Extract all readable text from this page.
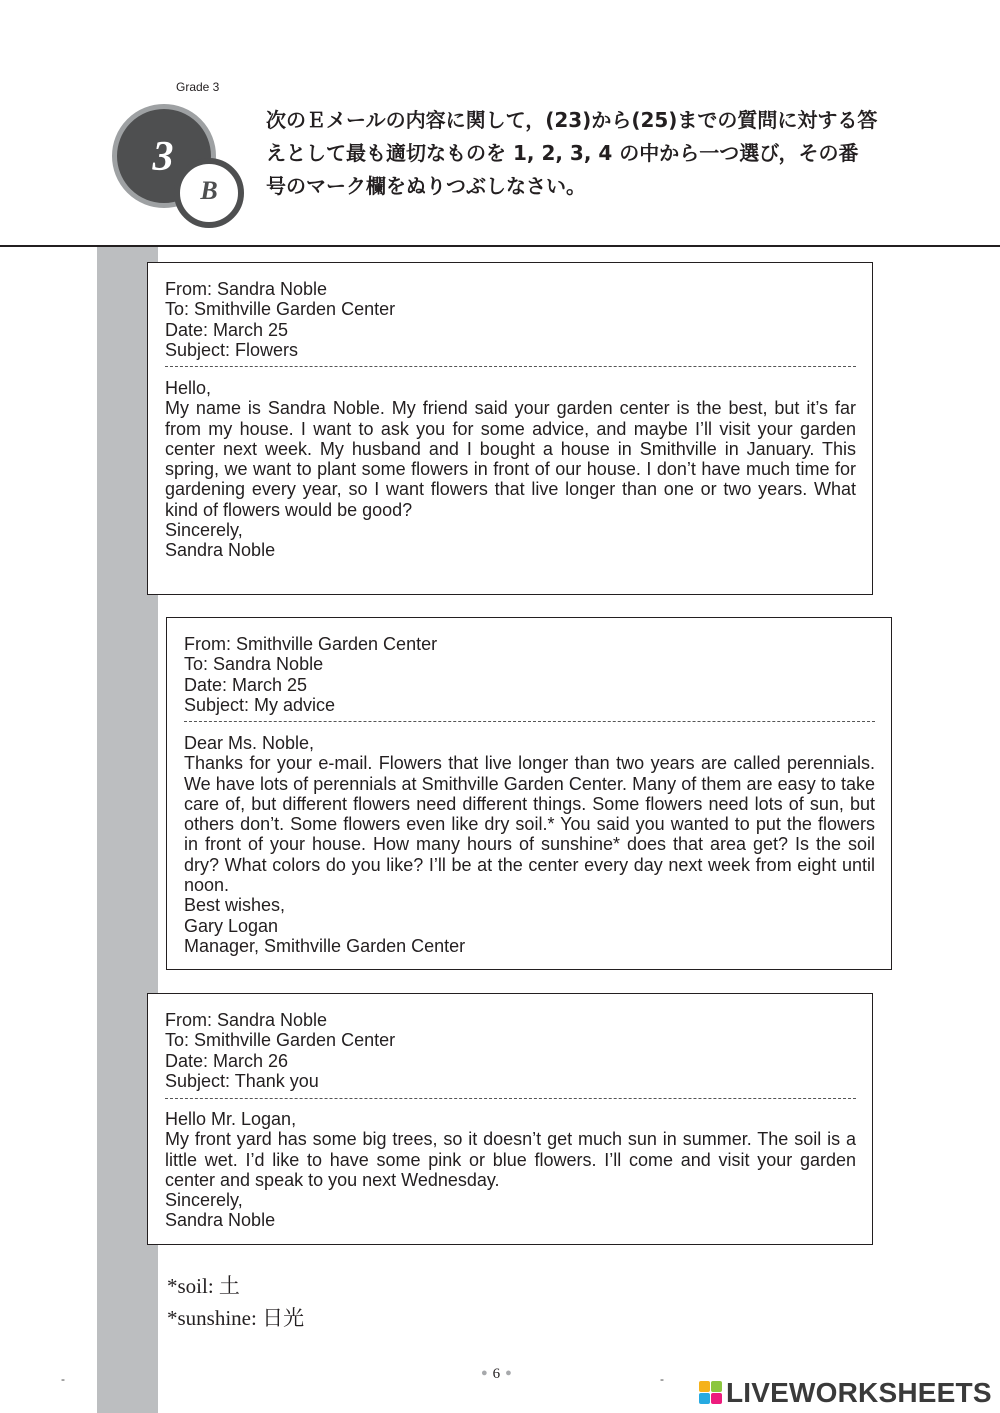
Grade 3
3
B
次のＥメールの内容に関して，(23)から(25)までの質問に対する答
えとして最も適切なものを 1, 2, 3, 4 の中から一つ選び，その番
号のマーク欄をぬりつぶしなさい。
From: Sandra Noble
To: Smithville Garden Center
Date: March 25
Subject: Flowers

Hello,

My name is Sandra Noble. My friend said your garden center is the best, but it’s far from my house. I want to ask you for some advice, and maybe I’ll visit your garden center next week. My husband and I bought a house in Smithville in January. This spring, we want to plant some flowers in front of our house. I don’t have much time for gardening every year, so I want flowers that live longer than one or two years. What kind of flowers would be good?

Sincerely,

Sandra Noble

From: Smithville Garden Center
To: Sandra Noble
Date: March 25
Subject: My advice

Dear Ms. Noble,

Thanks for your e-mail. Flowers that live longer than two years are called perennials. We have lots of perennials at Smithville Garden Center. Many of them are easy to take care of, but different flowers need different things. Some flowers need lots of sun, but others don’t. Some flowers even like dry soil.* You said you wanted to put the flowers in front of your house. How many hours of sunshine* does that area get? Is the soil dry? What colors do you like? I’ll be at the center every day next week from eight until noon.

Best wishes,

Gary Logan

Manager, Smithville Garden Center

From: Sandra Noble
To: Smithville Garden Center
Date: March 26
Subject: Thank you

Hello Mr. Logan,

My front yard has some big trees, so it doesn’t get much sun in summer. The soil is a little wet. I’d like to have some pink or blue flowers. I’ll come and visit your garden center and speak to you next Wednesday.

Sincerely,

Sandra Noble

*soil: 土
*sunshine: 日光
-	-
● 6 ●
LIVEWORKSHEETS
